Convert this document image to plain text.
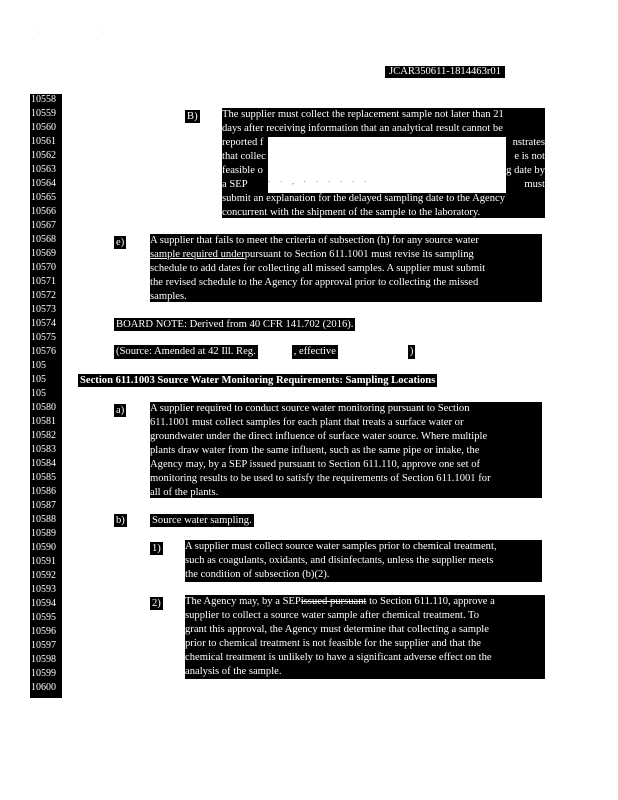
· ·
JCAR350611-1814463r01
10558
10559
10560
10561
10562
10563
10564
10565
10566
10567
10568
10569
10570
10571
10572
10573
10574
10575
10576
105
105
105
10580
10581
10582
10583
10584
10585
10586
10587
10588
10589
10590
10591
10592
10593
10594
10595
10596
10597
10598
10599
10600
B) The supplier must collect the replacement sample not later than 21

days after receiving information that an analytical result cannot be

reported f

that collec

feasible o

a SEP

submit an explanation for the delayed sampling date to the Agency

concurrent with the shipment of the sample to the laboratory.

· · , · · · · · ·

nstrates

e is not

g date by

must

e) A supplier that fails to meet the criteria of subsection (h) for any source water

sample required underpursuant to Section 611.1001 must revise its sampling

schedule to add dates for collecting all missed samples. A supplier must submit

the revised schedule to the Agency for approval prior to collecting the missed

samples.

BOARD NOTE: Derived from 40 CFR 141.702 (2016).
(Source: Amended at 42 Ill. Reg.	, effective	)
Section 611.1003 Source Water Monitoring Requirements: Sampling Locations
a) A supplier required to conduct source water monitoring pursuant to Section

611.1001 must collect samples for each plant that treats a surface water or

groundwater under the direct influence of surface water source. Where multiple

plants draw water from the same influent, such as the same pipe or intake, the

Agency may, by a SEP issued pursuant to Section 611.110, approve one set of

monitoring results to be used to satisfy the requirements of Section 611.1001 for

all of the plants.

b)	Source water sampling.
1) A supplier must collect source water samples prior to chemical treatment,

such as coagulants, oxidants, and disinfectants, unless the supplier meets

the condition of subsection (b)(2).

2) The Agency may, by a SEPissued pursuant to Section 611.110, approve a

supplier to collect a source water sample after chemical treatment. To

grant this approval, the Agency must determine that collecting a sample

prior to chemical treatment is not feasible for the supplier and that the

chemical treatment is unlikely to have a significant adverse effect on the

analysis of the sample.
